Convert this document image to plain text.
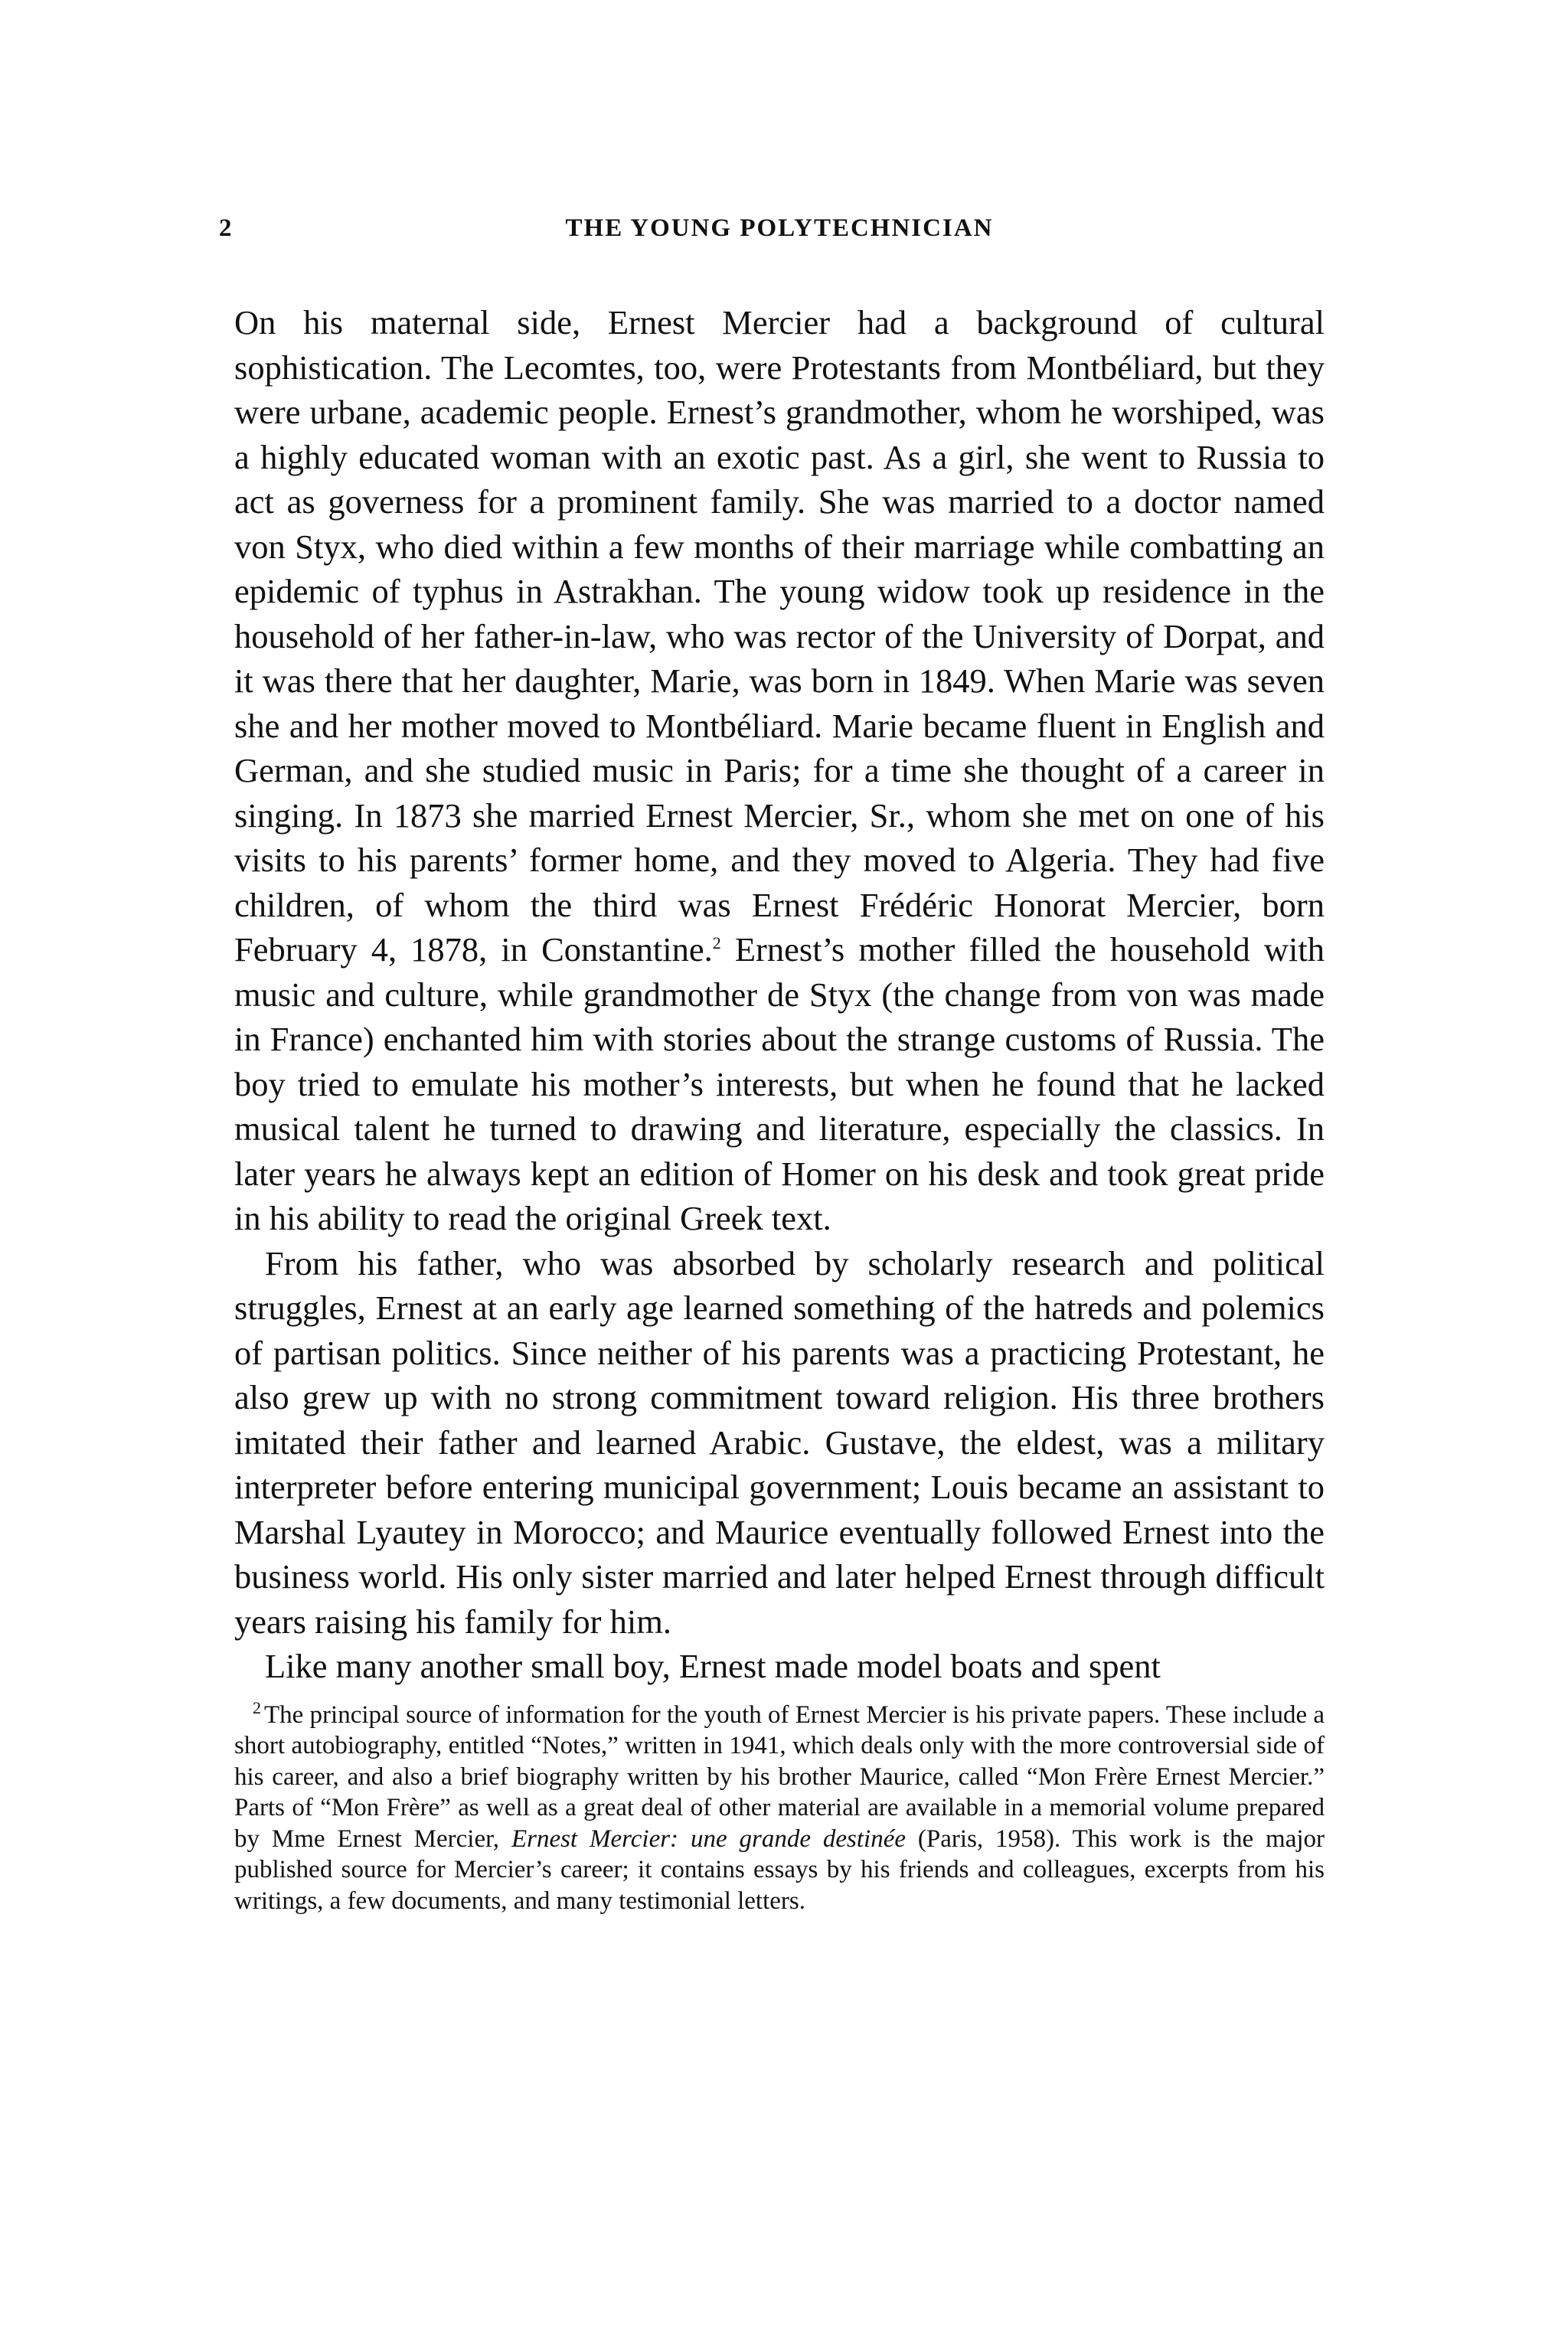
2	THE YOUNG POLYTECHNICIAN

On his maternal side, Ernest Mercier had a background of cultural sophistication. The Lecomtes, too, were Protestants from Montbéliard, but they were urbane, academic people. Ernest’s grandmother, whom he worshiped, was a highly educated woman with an exotic past. As a girl, she went to Russia to act as governess for a prominent family. She was married to a doctor named von Styx, who died within a few months of their marriage while combatting an epidemic of typhus in Astrakhan. The young widow took up residence in the household of her father-in-law, who was rector of the University of Dorpat, and it was there that her daughter, Marie, was born in 1849. When Marie was seven she and her mother moved to Montbéliard. Marie became fluent in English and German, and she studied music in Paris; for a time she thought of a career in singing. In 1873 she married Ernest Mercier, Sr., whom she met on one of his visits to his parents’ former home, and they moved to Algeria. They had five children, of whom the third was Ernest Frédéric Honorat Mercier, born February 4, 1878, in Constantine.$^2$ Ernest’s mother filled the household with music and culture, while grandmother de Styx (the change from von was made in France) enchanted him with stories about the strange customs of Russia. The boy tried to emulate his mother’s interests, but when he found that he lacked musical talent he turned to drawing and literature, especially the classics. In later years he always kept an edition of Homer on his desk and took great pride in his ability to read the original Greek text.

From his father, who was absorbed by scholarly research and political struggles, Ernest at an early age learned something of the hatreds and polemics of partisan politics. Since neither of his parents was a practicing Protestant, he also grew up with no strong commitment toward religion. His three brothers imitated their father and learned Arabic. Gustave, the eldest, was a military interpreter before entering municipal government; Louis became an assistant to Marshal Lyautey in Morocco; and Maurice eventually followed Ernest into the business world. His only sister married and later helped Ernest through difficult years raising his family for him.

Like many another small boy, Ernest made model boats and spent

$^2$ The principal source of information for the youth of Ernest Mercier is his private papers. These include a short autobiography, entitled “Notes,” written in 1941, which deals only with the more controversial side of his career, and also a brief biography written by his brother Maurice, called “Mon Frère Ernest Mercier.” Parts of “Mon Frère” as well as a great deal of other material are available in a memorial volume prepared by Mme Ernest Mercier, Ernest Mercier: une grande destinée (Paris, 1958). This work is the major published source for Mercier’s career; it contains essays by his friends and colleagues, excerpts from his writings, a few documents, and many testimonial letters.
